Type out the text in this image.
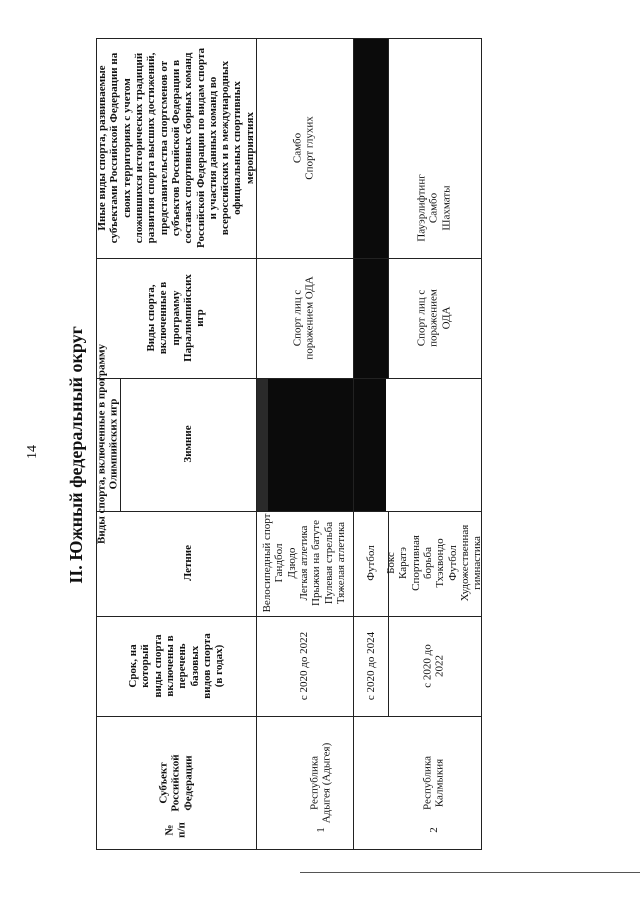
14 II. Южный федеральный округ
Иные виды спорта, развиваемые
субъектами Российской Федерации на
своих территориях с учетом
сложившихся исторических традиций
развития спорта высших достижений,
представительства спортсменов от
субъектов Российской Федерации в
составах спортивных сборных команд
Российской Федерации по видам спорта
и участия данных команд во
всероссийских и в международных
официальных спортивных
мероприятиях
Виды спорта,
включенные в
программу
Паралимпийских
игр
Виды спорта, включенные в программу
Олимпийских игр
Зимние
Летние
Срок, на
который
виды спорта
включены в
перечень
базовых
видов спорта
(в годах)
Субъект
Российской
Федерации
№
п/п
Самбо
Спорт глухих
Спорт лиц с
поражением ОДА
Велосипедный спорт
Гандбол
Дзюдо
Легкая атлетика
Прыжки на батуте
Пулевая стрельба
Тяжелая атлетика
Футбол
с 2020 до 2022	с 2020 до 2024
Республика
Адыгея (Адыгея)
1
Пауэрлифтинг
Самбо
Шахматы
Спорт лиц с
поражением ОДА
Бокс
Каратэ
Спортивная борьба
Тхэквондо
Футбол
Художественная
гимнастика
с 2020 до 2022
Республика
Калмыкия
2
